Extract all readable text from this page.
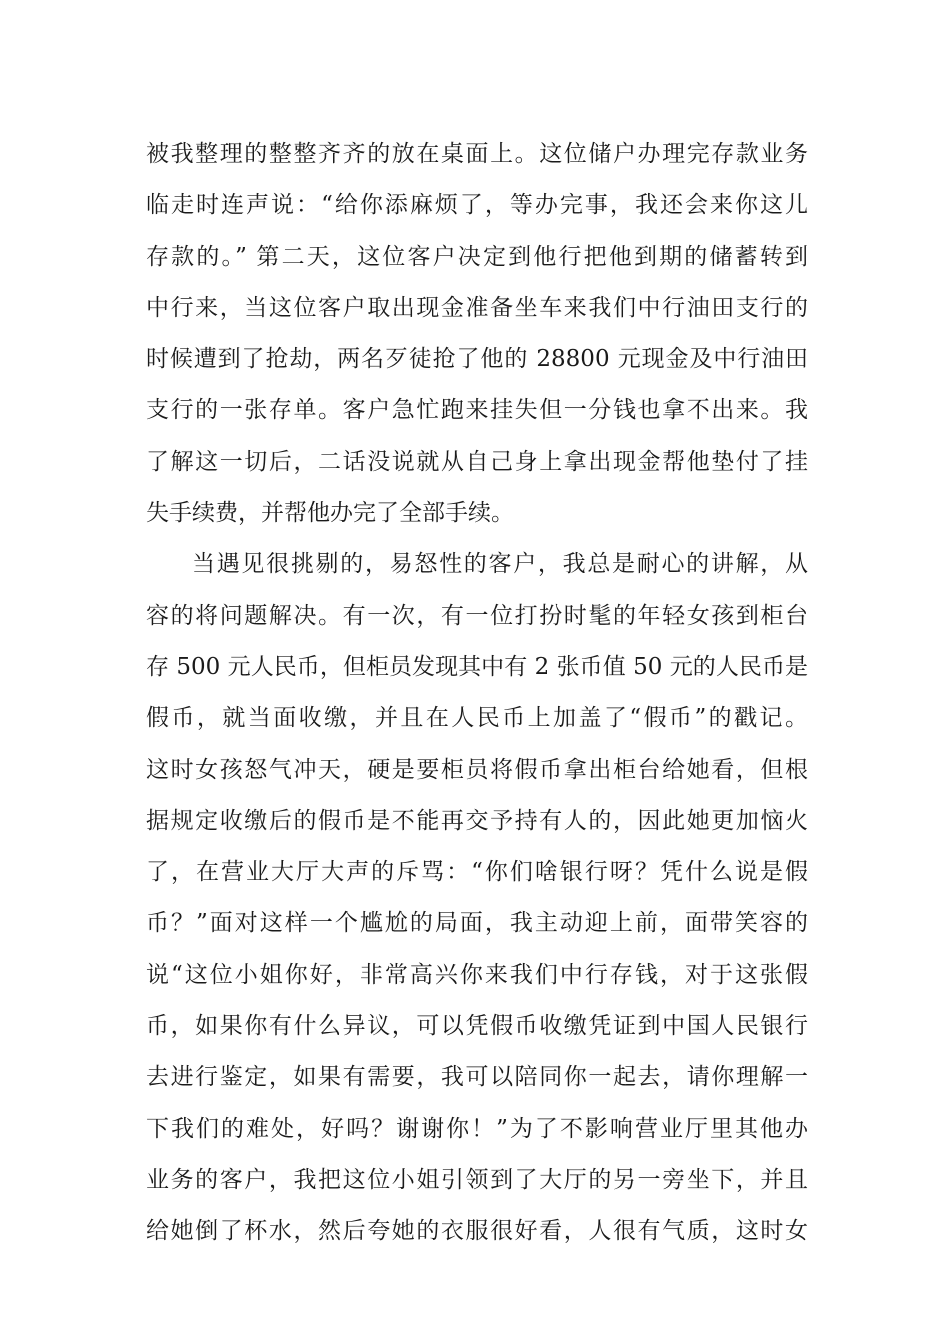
被我整理的整整齐齐的放在桌面上。这位储户办理完存款业务
临走时连声说：“给你添麻烦了，等办完事，我还会来你这儿
存款的。” 第二天，这位客户决定到他行把他到期的储蓄转到
中行来，当这位客户取出现金准备坐车来我们中行油田支行的
时候遭到了抢劫，两名歹徒抢了他的 28800 元现金及中行油田
支行的一张存单。客户急忙跑来挂失但一分钱也拿不出来。我
了解这一切后，二话没说就从自己身上拿出现金帮他垫付了挂
失手续费，并帮他办完了全部手续。
当遇见很挑剔的，易怒性的客户，我总是耐心的讲解，从
容的将问题解决。有一次，有一位打扮时髦的年轻女孩到柜台
存 500 元人民币，但柜员发现其中有 2 张币值 50 元的人民币是
假币，就当面收缴，并且在人民币上加盖了“假币”的戳记。
这时女孩怒气冲天，硬是要柜员将假币拿出柜台给她看，但根
据规定收缴后的假币是不能再交予持有人的，因此她更加恼火
了，在营业大厅大声的斥骂：“你们啥银行呀？凭什么说是假
币？”面对这样一个尴尬的局面，我主动迎上前，面带笑容的
说“这位小姐你好，非常高兴你来我们中行存钱，对于这张假
币，如果你有什么异议，可以凭假币收缴凭证到中国人民银行
去进行鉴定，如果有需要，我可以陪同你一起去，请你理解一
下我们的难处，好吗？谢谢你！”为了不影响营业厅里其他办
业务的客户，我把这位小姐引领到了大厅的另一旁坐下，并且
给她倒了杯水，然后夸她的衣服很好看，人很有气质，这时女
